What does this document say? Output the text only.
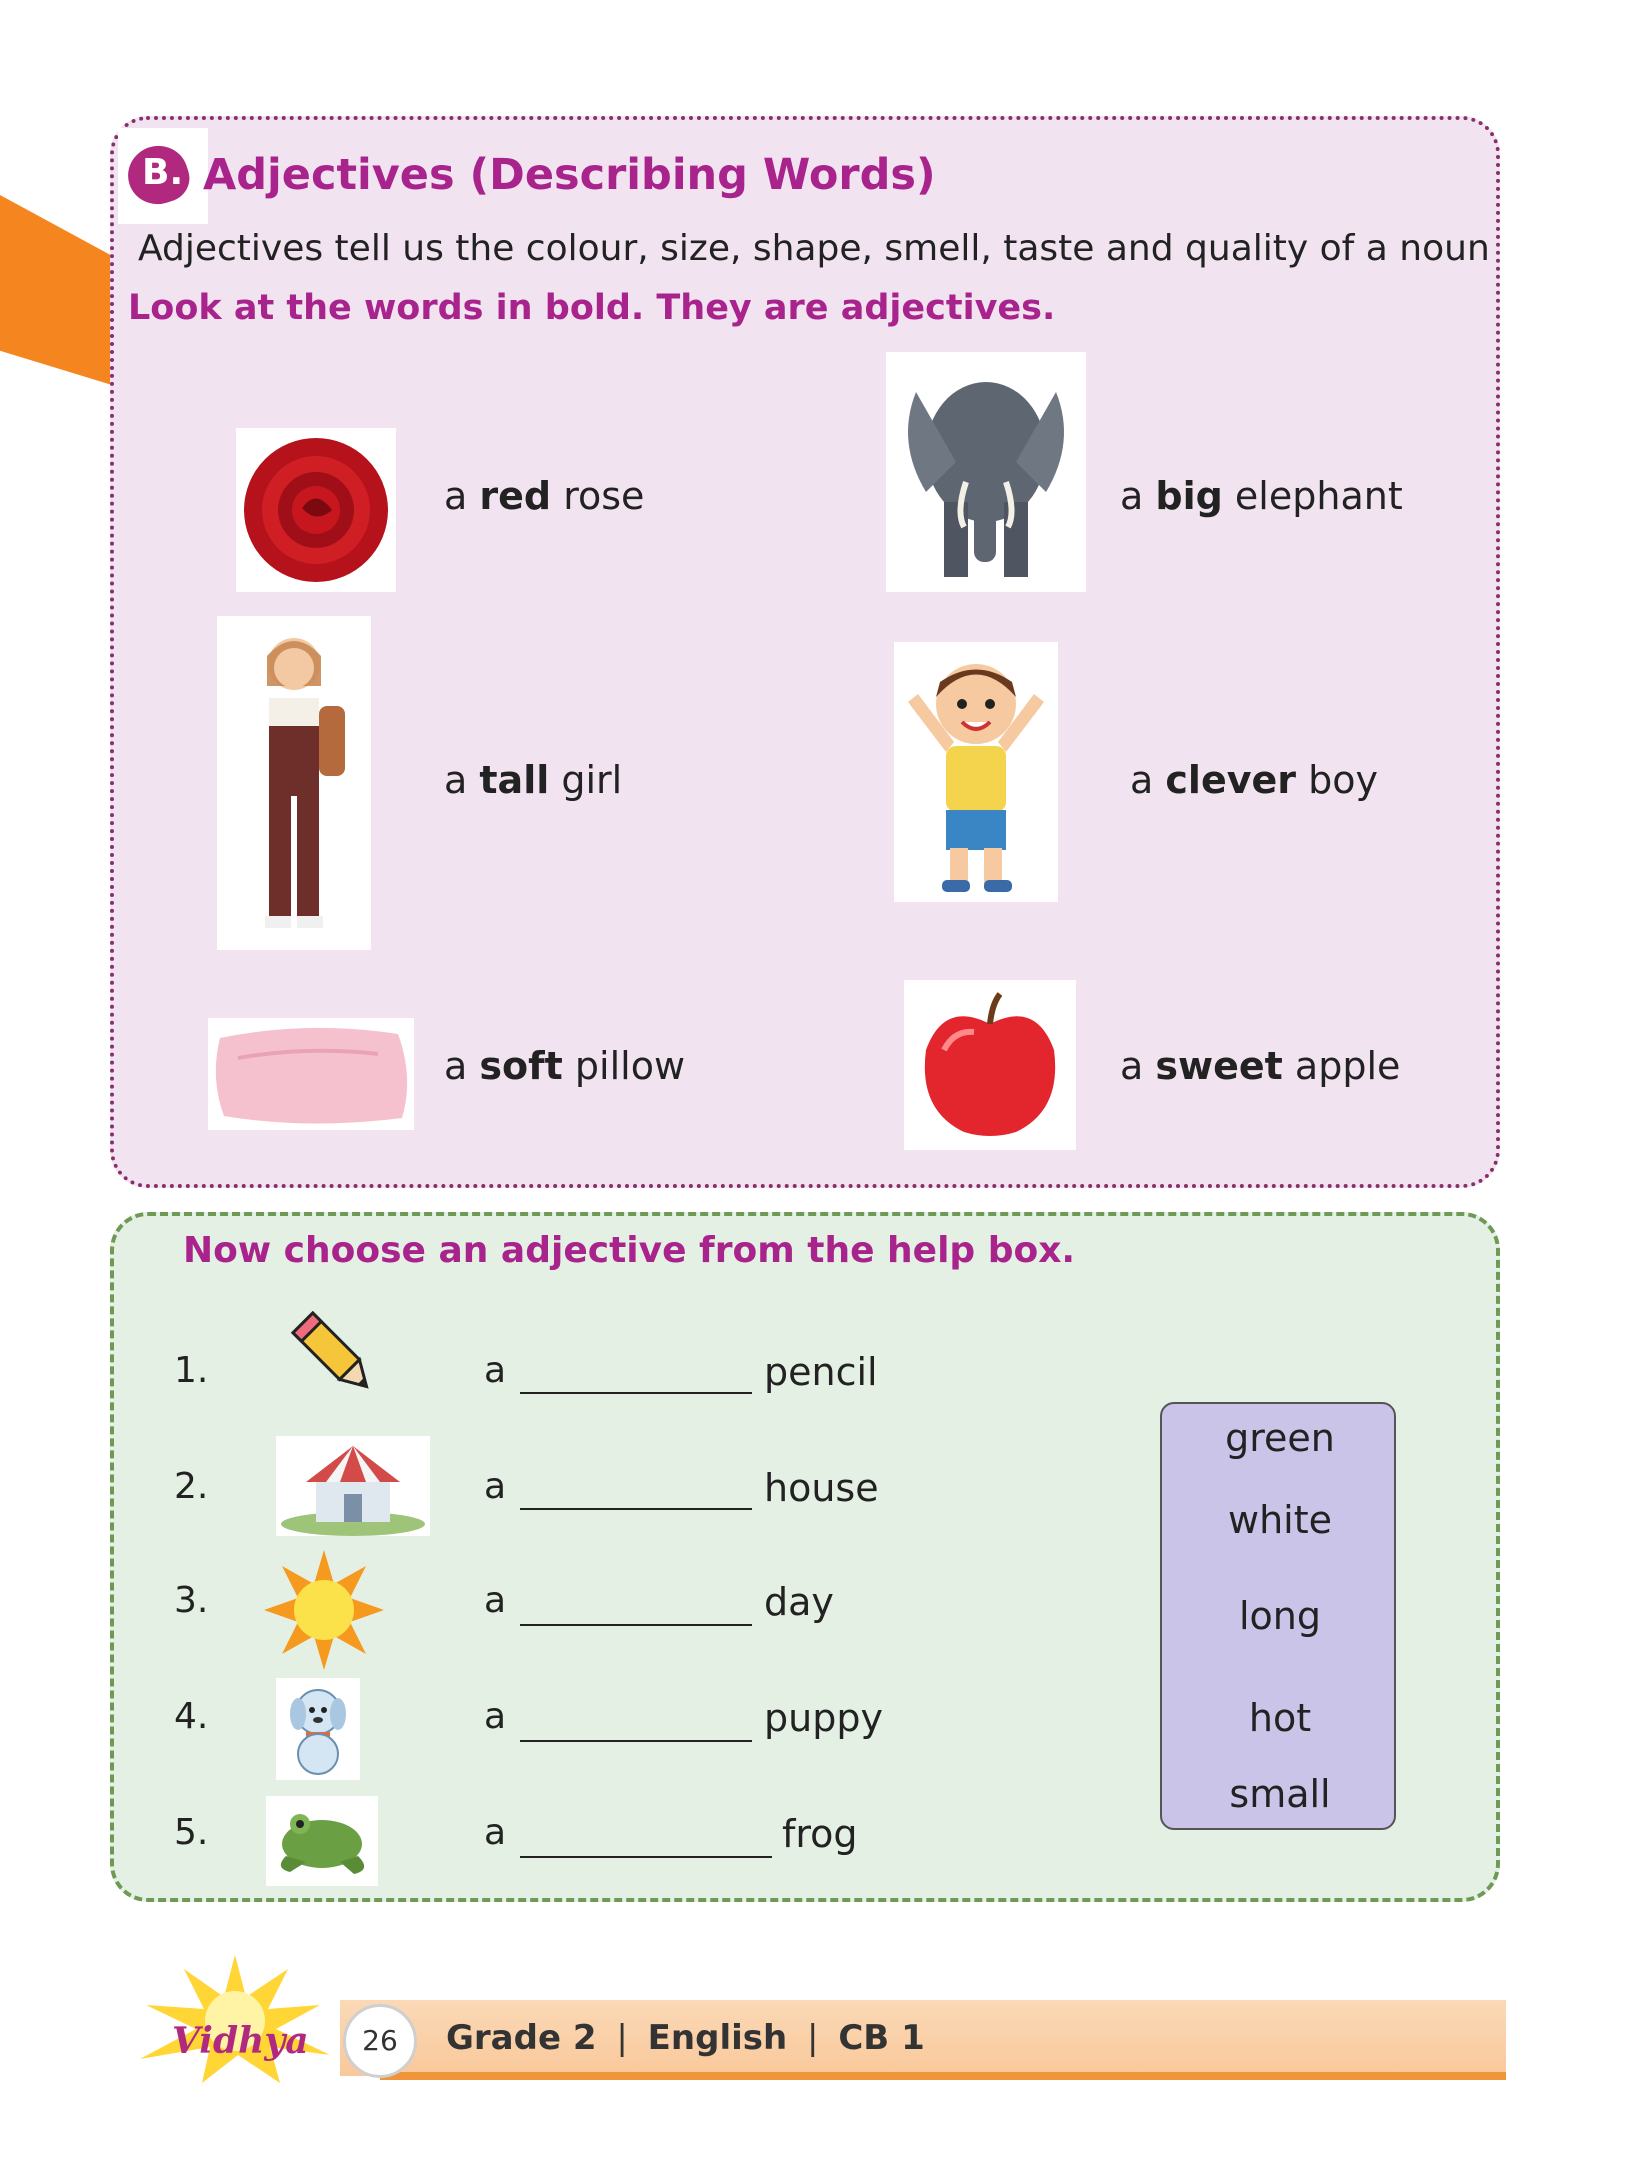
B. Adjectives (Describing Words)
Adjectives tell us the colour, size, shape, smell, taste and quality of a noun
Look at the words in bold. They are adjectives.
a red rose	a big elephant
a tall girl	a clever boy
a soft pillow	a sweet apple
Now choose an adjective from the help box.
1.	a	pencil
2.	a	house
3.	a	day
4.	a	puppy
5.	a	frog
green
white
long
hot
small
Vidhya	26	Grade 2 | English | CB 1
